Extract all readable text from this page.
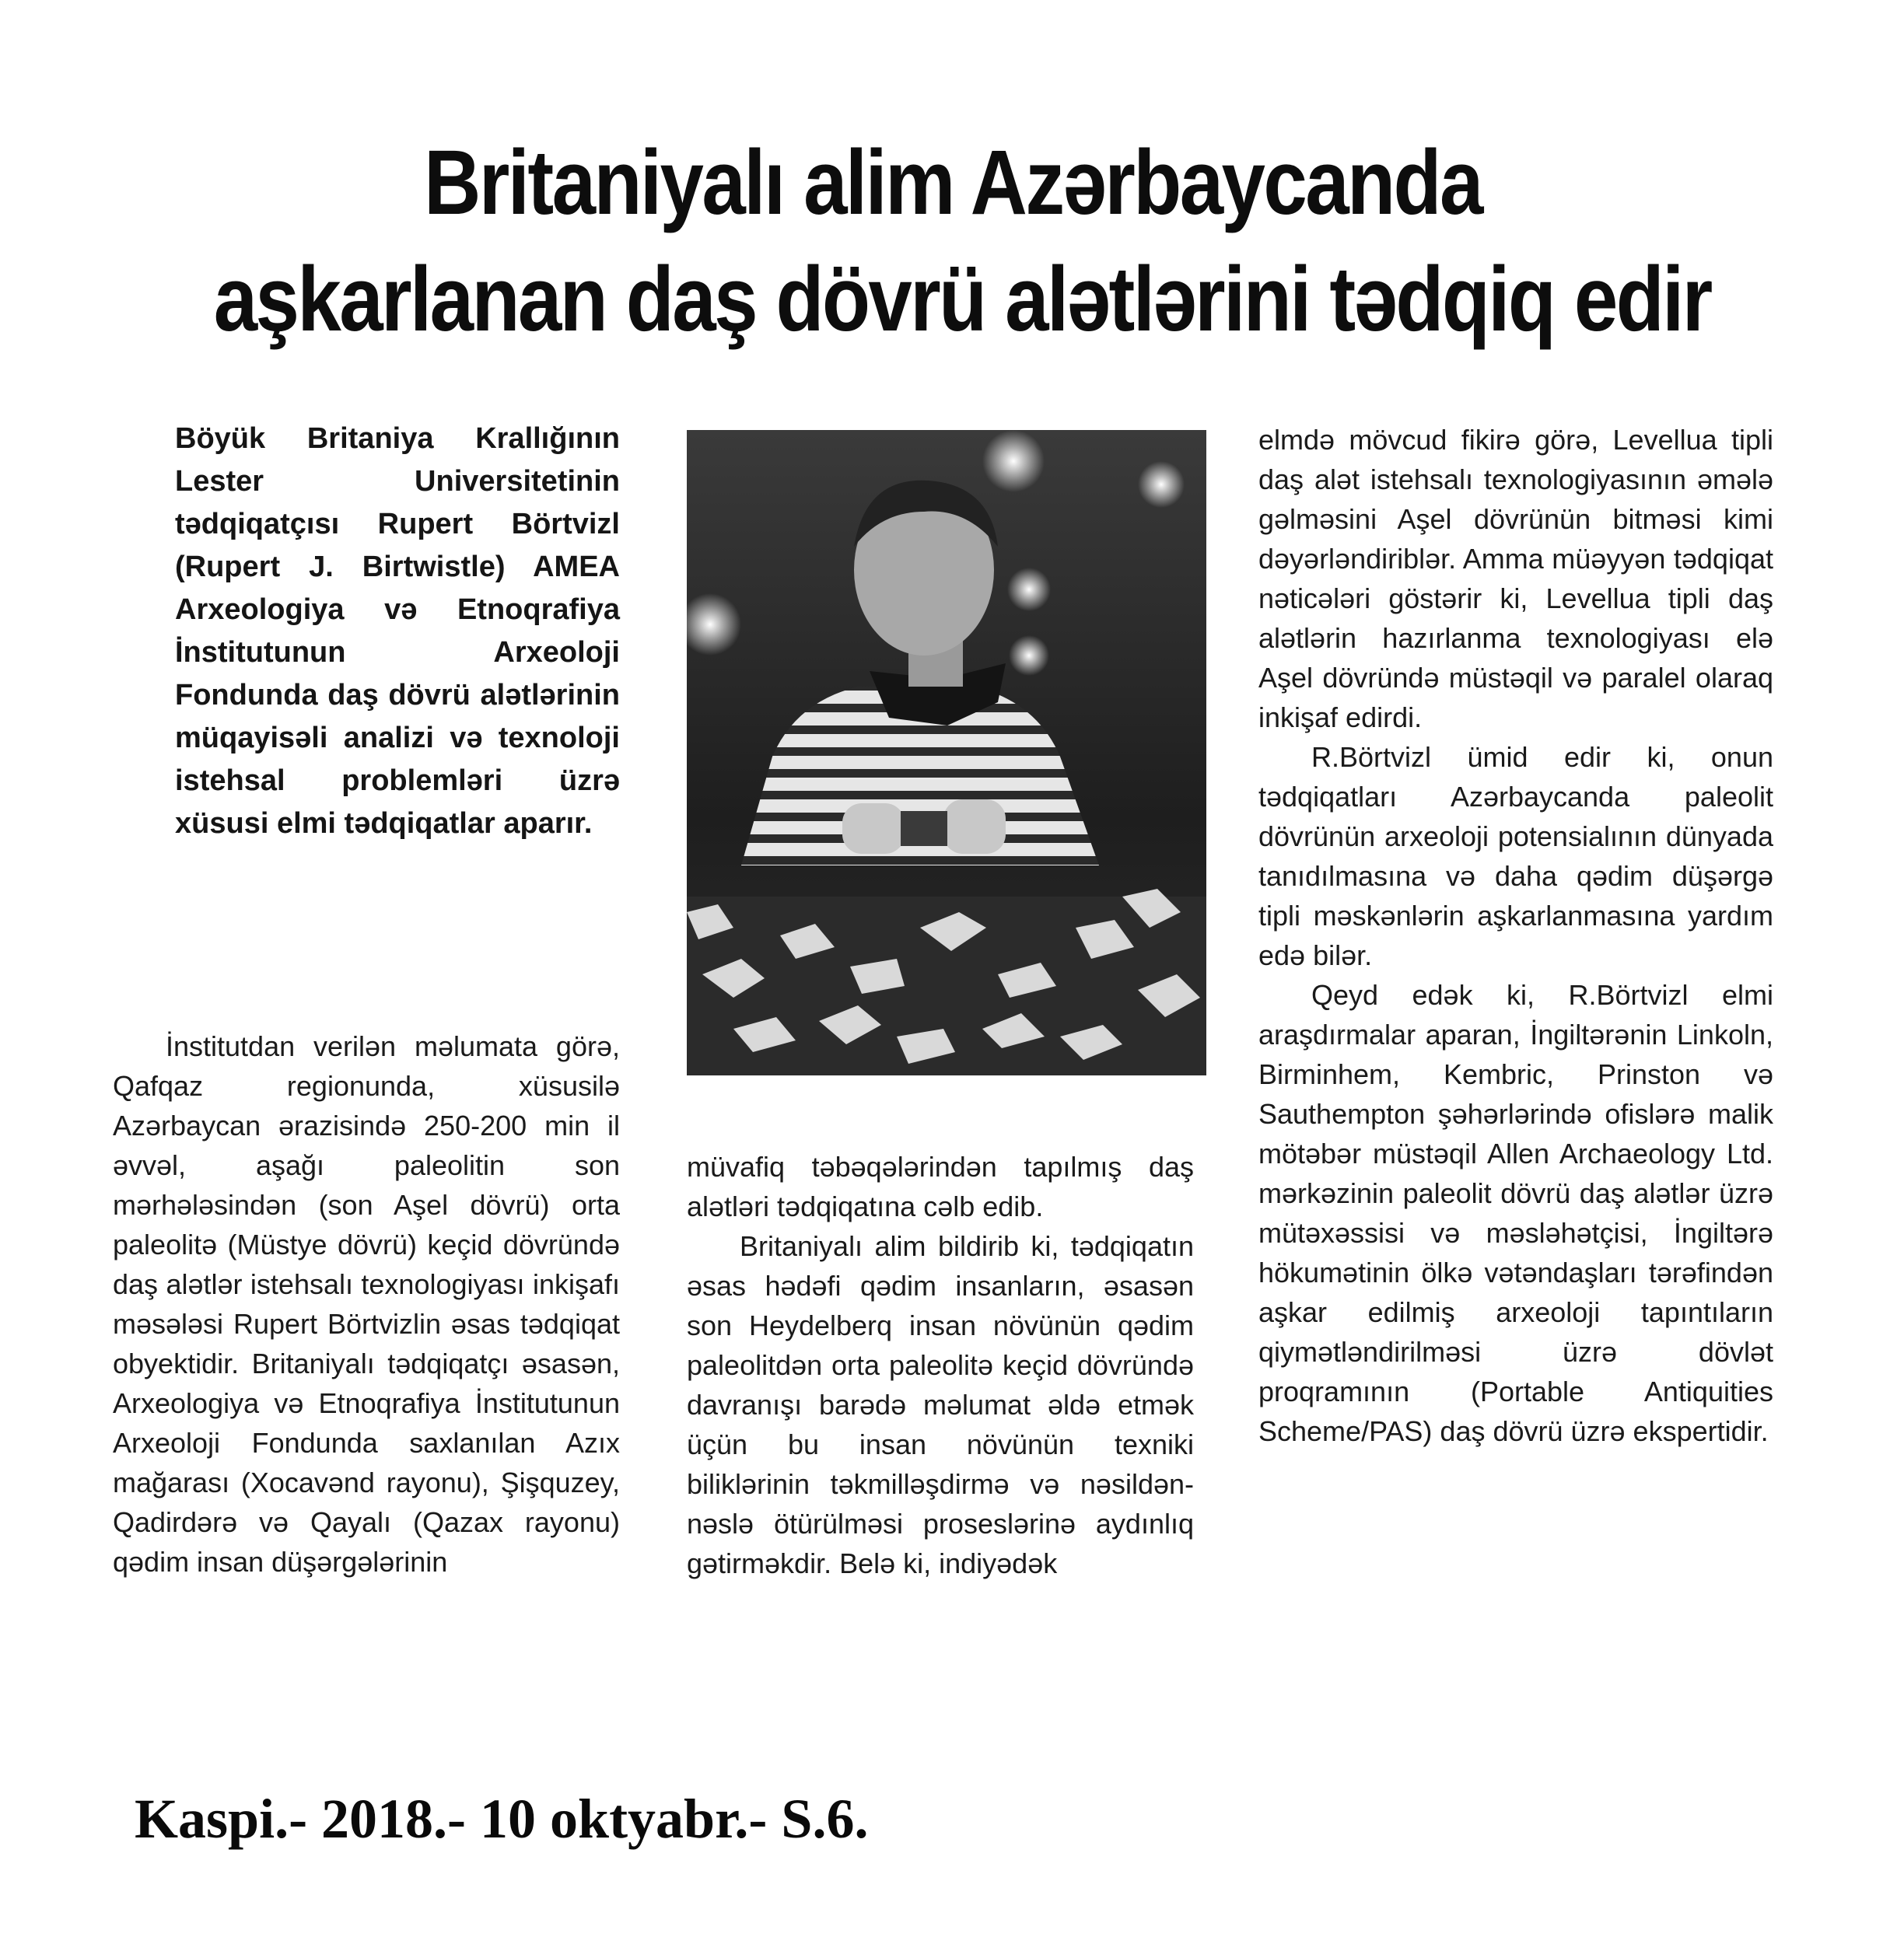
Britaniyalı alim Azərbaycanda
aşkarlanan daş dövrü alətlərini tədqiq edir

Böyük Britaniya Krallığının Lester Universitetinin tədqiqatçısı Rupert Börtvizl (Rupert J. Birtwistle) AMEA Arxeologiya və Etnoqrafiya İnstitutunun Arxeoloji Fondunda daş dövrü alətlərinin müqayisəli analizi və texnoloji istehsal problemləri üzrə xüsusi elmi tədqiqatlar aparır.

İnstitutdan verilən məlumata görə, Qafqaz regionunda, xüsusilə Azərbaycan ərazisində 250-200 min il əvvəl, aşağı paleolitin son mərhələsindən (son Aşel dövrü) orta paleolitə (Müstye dövrü) keçid dövründə daş alətlər istehsalı texnologiyası inkişafı məsələsi Rupert Börtvizlin əsas tədqiqat obyektidir. Britaniyalı tədqiqatçı əsasən, Arxeologiya və Etnoqrafiya İnstitutunun Arxeoloji Fondunda saxlanılan Azıx mağarası (Xocavənd rayonu), Şişquzey, Qadirdərə və Qayalı (Qazax rayonu) qədim insan düşərgələrinin

müvafiq təbəqələrindən tapılmış daş alətləri tədqiqatına cəlb edib.

Britaniyalı alim bildirib ki, tədqiqatın əsas hədəfi qədim insanların, əsasən son Heydelberq insan növünün qədim paleolitdən orta paleolitə keçid dövründə davranışı barədə məlumat əldə etmək üçün bu insan növünün texniki biliklərinin təkmilləşdirmə və nəsildən-nəslə ötürülməsi proseslərinə aydınlıq gətirməkdir. Belə ki, indiyədək

elmdə mövcud fikirə görə, Levellua tipli daş alət istehsalı texnologiyasının əmələ gəlməsini Aşel dövrünün bitməsi kimi dəyərləndiriblər. Amma müəyyən tədqiqat nəticələri göstərir ki, Levellua tipli daş alətlərin hazırlanma texnologiyası elə Aşel dövründə müstəqil və paralel olaraq inkişaf edirdi.

R.Börtvizl ümid edir ki, onun tədqiqatları Azərbaycanda paleolit dövrünün arxeoloji potensialının dünyada tanıdılmasına və daha qədim düşərgə tipli məskənlərin aşkarlanmasına yardım edə bilər.

Qeyd edək ki, R.Börtvizl elmi araşdırmalar aparan, İngiltərənin Linkoln, Birminhem, Kembric, Prinston və Sauthempton şəhərlərində ofislərə malik mötəbər müstəqil Allen Archaeology Ltd. mərkəzinin paleolit dövrü daş alətlər üzrə mütəxəssisi və məsləhətçisi, İngiltərə hökumətinin ölkə vətəndaşları tərəfindən aşkar edilmiş arxeoloji tapıntıların qiymətləndirilməsi üzrə dövlət proqramının (Portable Antiquities Scheme/PAS) daş dövrü üzrə ekspertidir.

Kaspi.- 2018.- 10 oktyabr.- S.6.
